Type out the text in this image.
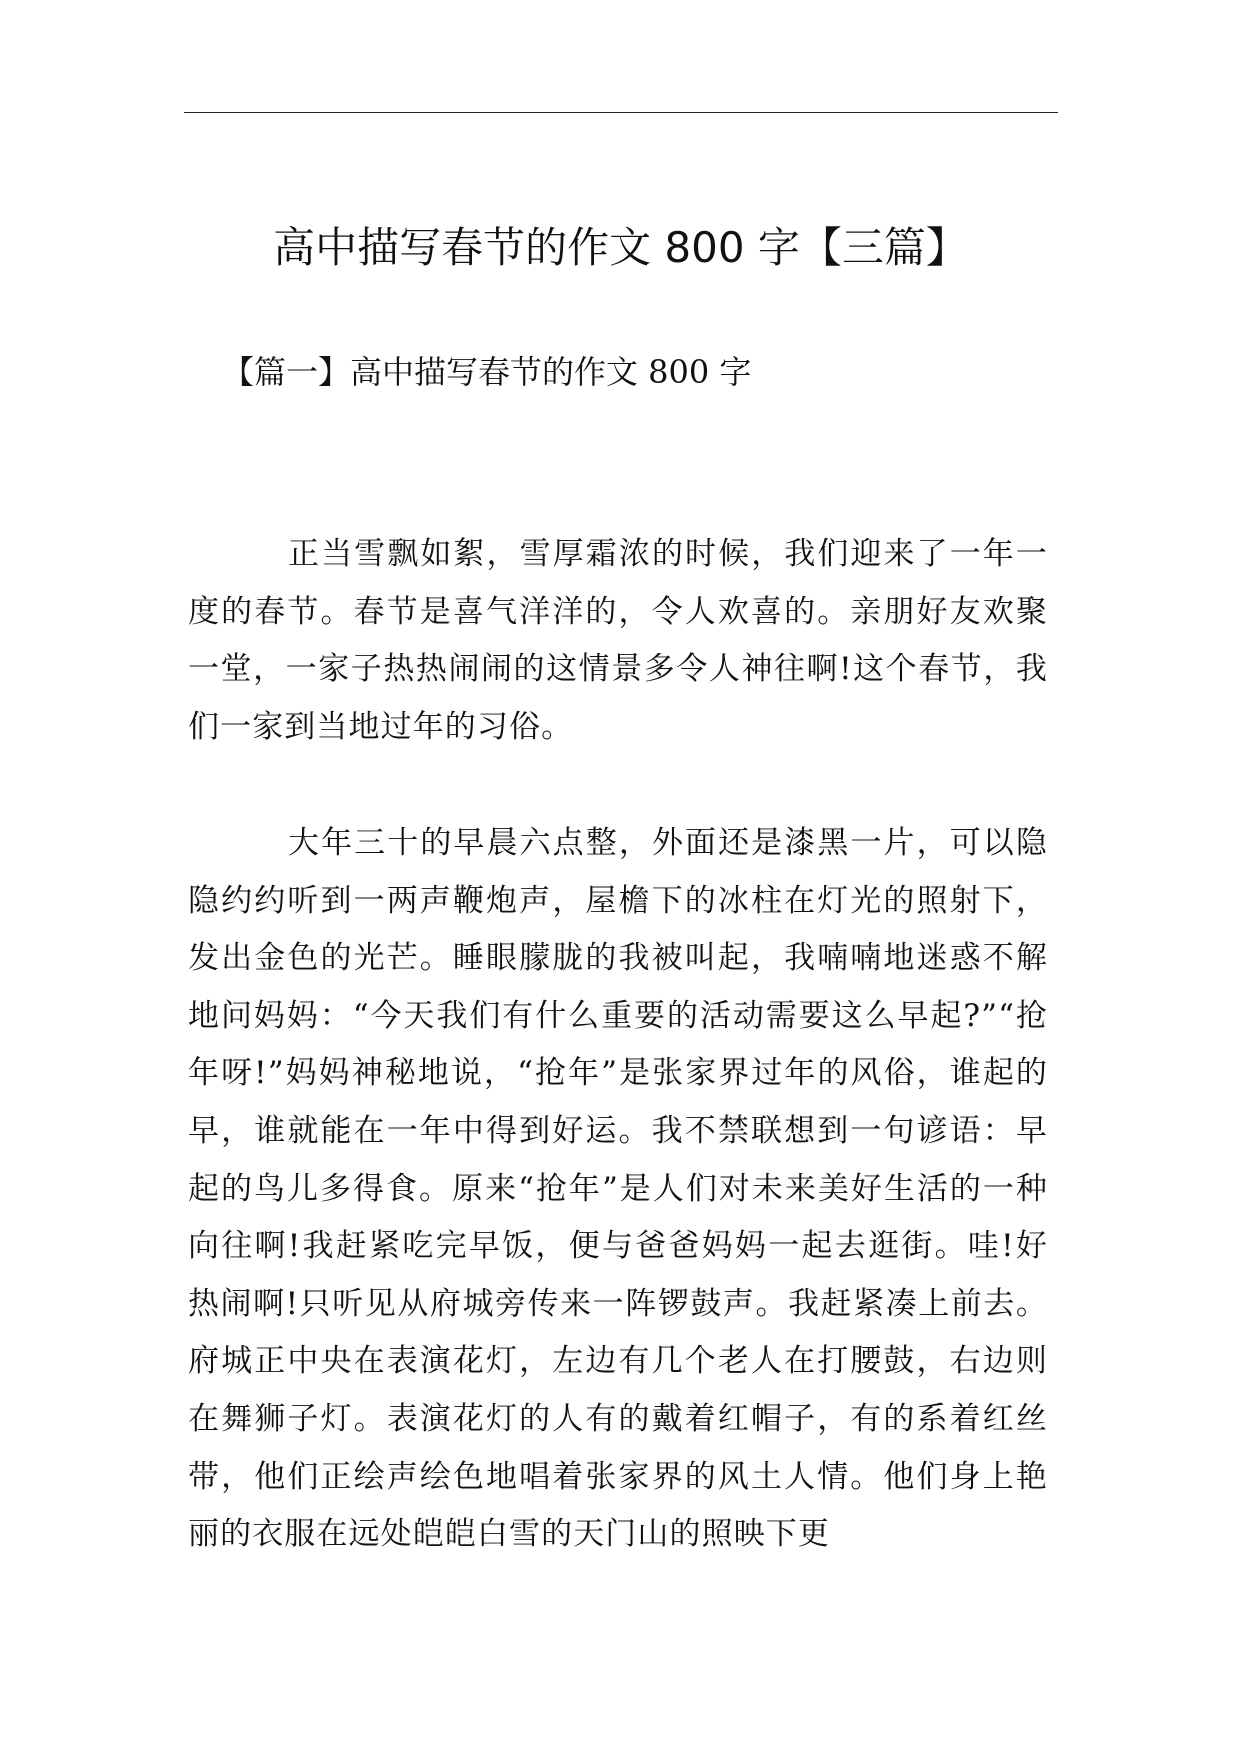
高中描写春节的作文 800 字【三篇】
【篇一】高中描写春节的作文 800 字

正当雪飘如絮，雪厚霜浓的时候，我们迎来了一年一度的春节。春节是喜气洋洋的，令人欢喜的。亲朋好友欢聚一堂，一家子热热闹闹的这情景多令人神往啊!这个春节，我们一家到当地过年的习俗。

大年三十的早晨六点整，外面还是漆黑一片，可以隐隐约约听到一两声鞭炮声，屋檐下的冰柱在灯光的照射下，发出金色的光芒。睡眼朦胧的我被叫起，我喃喃地迷惑不解地问妈妈：“今天我们有什么重要的活动需要这么早起?”“抢年呀!”妈妈神秘地说，“抢年”是张家界过年的风俗，谁起的早，谁就能在一年中得到好运。我不禁联想到一句谚语：早起的鸟儿多得食。原来“抢年”是人们对未来美好生活的一种向往啊!我赶紧吃完早饭，便与爸爸妈妈一起去逛街。哇!好热闹啊!只听见从府城旁传来一阵锣鼓声。我赶紧凑上前去。府城正中央在表演花灯，左边有几个老人在打腰鼓，右边则在舞狮子灯。表演花灯的人有的戴着红帽子，有的系着红丝带，他们正绘声绘色地唱着张家界的风土人情。他们身上艳丽的衣服在远处皑皑白雪的天门山的照映下更
